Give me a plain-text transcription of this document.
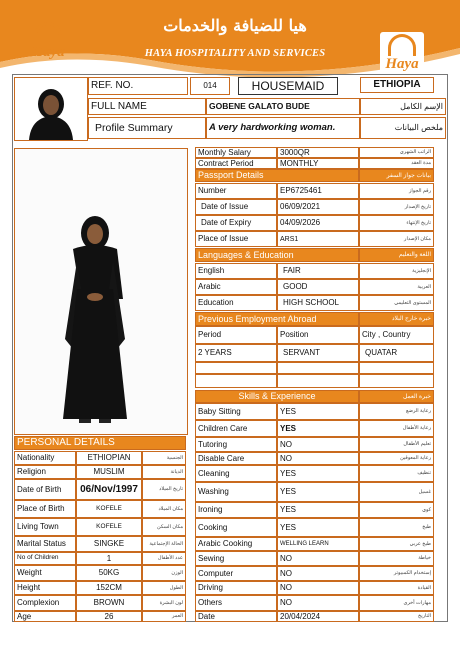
Haya
Haya
هيا للضيافة والخدمات
HAYA HOSPITALITY AND SERVICES
REF. NO.	014	HOUSEMAID	ETHIOPIA
FULL NAME	GOBENE GALATO BUDE	الإسم الكامل
Profile Summary	A very hardworking woman.	ملخص البيانات
Monthly Salary	3000QR	الراتب الشهري
Contract Period	MONTHLY	مدة العقد
Passport Details	بيانات جواز السفر
Number	EP6725461	رقم الجواز
Date of Issue	06/09/2021	تاريخ الإصدار
Date of Expiry	04/09/2026	تاريخ الإنتهاء
Place of Issue	ARS1	مكان الإصدار
Languages & Education	اللغة والتعليم
English	FAIR	الإنجليزية
Arabic	GOOD	العربية
Education	HIGH SCHOOL	المستوى التعليمي
Previous Employment Abroad	خبرة خارج البلاد
Period	Position	City , Country
2 YEARS	SERVANT	QUATAR
Skills & Experience	خبرة العمل
Baby Sitting	YES	رعاية الرضع
Children Care	YES	رعاية الأطفال
Tutoring	NO	تعليم الأطفال
Disable Care	NO	رعاية المعوقين
Cleaning	YES	تنظيف
Washing	YES	غسيل
Ironing	YES	كوي
Cooking	YES	طبخ
Arabic Cooking	WELLING LEARN	طبخ عربي
Sewing	NO	خياطة
Computer	NO	إستخدام الكمبيوتر
Driving	NO	القيادة
Others	NO	مهارات أخرى
Date	20/04/2024	التاريخ
PERSONAL DETAILS
Nationality	ETHIOPIAN	الجنسية
Religion	MUSLIM	الديانة
Date of Birth	06/Nov/1997	تاريخ الميلاد
Place of Birth	KOFELE	مكان الميلاد
Living Town	KOFELE	مكان السكن
Marital Status	SINGKE	الحالة الإجتماعية
No of Children	1	عدد الأطفال
Weight	50KG	الوزن
Height	152CM	الطول
Complexion	BROWN	لون البشرة
Age	26	العمر
